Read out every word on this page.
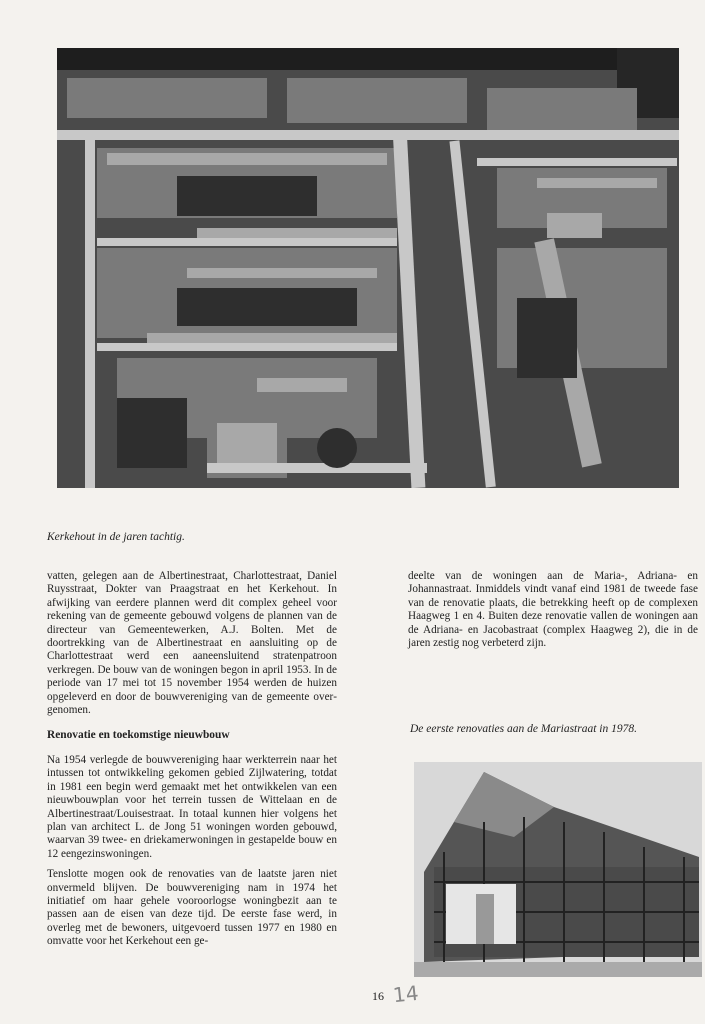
Kerkehout in de jaren tachtig.

vatten, gelegen aan de Albertinestraat, Charlottestraat, Daniel Ruysstraat, Dokter van Praagstraat en het Kerkehout. In afwijking van eerdere plannen werd dit complex geheel voor rekening van de gemeente gebouwd volgens de plannen van de directeur van Gemeentewerken, A.J. Bolten. Met de doortrekking van de Albertinestraat en aansluiting op de Charlottestraat werd een aaneensluitend stratenpatroon verkregen. De bouw van de woningen begon in april 1953. In de periode van 17 mei tot 15 november 1954 werden de huizen opgeleverd en door de bouwvereniging van de gemeente overgenomen.

Renovatie en toekomstige nieuwbouw

Na 1954 verlegde de bouwvereniging haar werkterrein naar het intussen tot ontwikkeling gekomen gebied Zijlwatering, totdat in 1981 een begin werd gemaakt met het ontwikkelen van een nieuwbouwplan voor het terrein tussen de Wittelaan en de Albertinestraat/Louisestraat. In totaal kunnen hier volgens het plan van architect L. de Jong 51 woningen worden gebouwd, waarvan 39 twee- en driekamerwoningen in gestapelde bouw en 12 eengezinswoningen.

Tenslotte mogen ook de renovaties van de laatste jaren niet onvermeld blijven. De bouwvereniging nam in 1974 het initiatief om haar gehele vooroorlogse woningbezit aan te passen aan de eisen van deze tijd. De eerste fase werd, in overleg met de bewoners, uitgevoerd tussen 1977 en 1980 en omvatte voor het Kerkehout een ge-

deelte van de woningen aan de Maria-, Adriana- en Johannastraat. Inmiddels vindt vanaf eind 1981 de tweede fase van de renovatie plaats, die betrekking heeft op de complexen Haagweg 1 en 4. Buiten deze renovatie vallen de woningen aan de Adriana- en Jacobastraat (complex Haagweg 2), die in de jaren zestig nog verbeterd zijn.

De eerste renovaties aan de Mariastraat in 1978.
16 14
